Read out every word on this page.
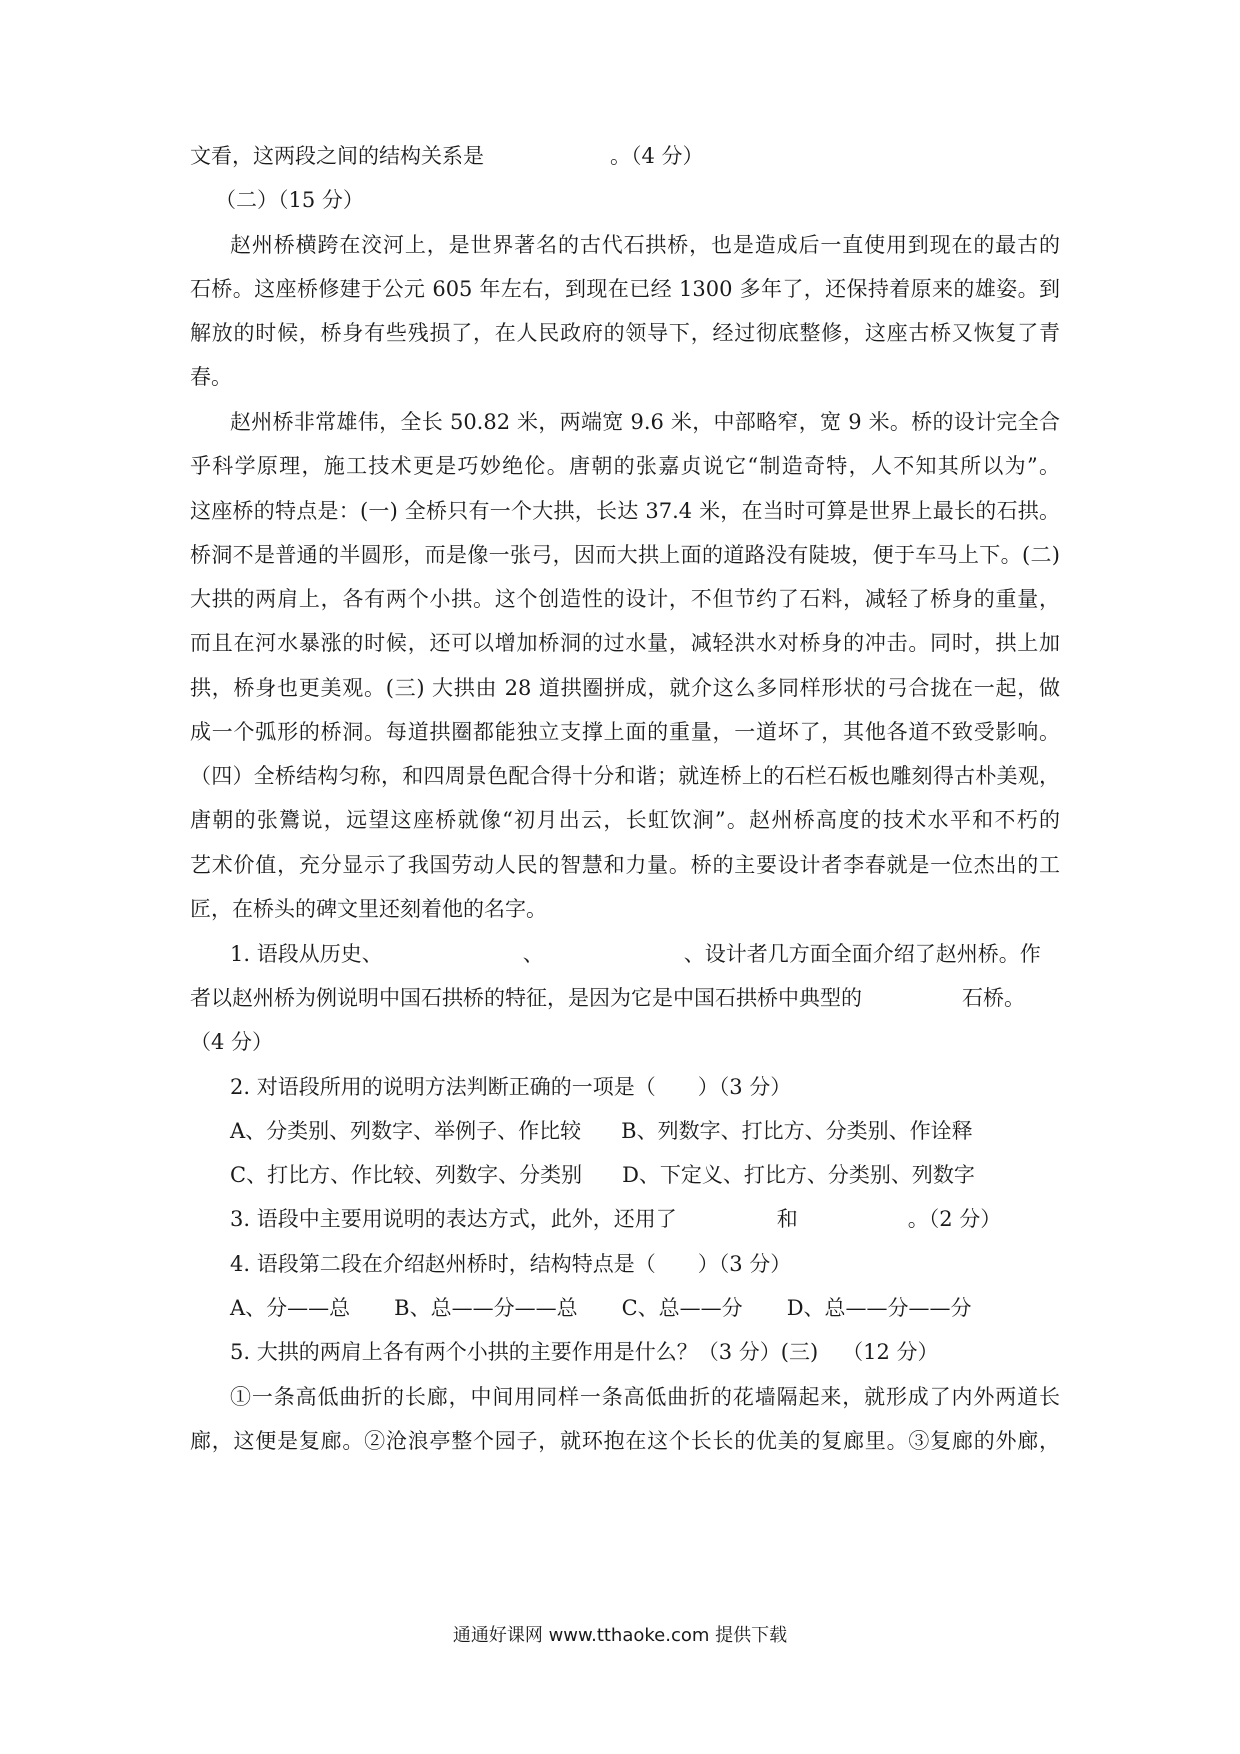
文看，这两段之间的结构关系是	。（4 分）
（二）（15 分）
赵州桥横跨在洨河上，是世界著名的古代石拱桥，也是造成后一直使用到现在的最古的
石桥。这座桥修建于公元 605 年左右，到现在已经 1300 多年了，还保持着原来的雄姿。到
解放的时候，桥身有些残损了，在人民政府的领导下，经过彻底整修，这座古桥又恢复了青
春。
赵州桥非常雄伟，全长 50.82 米，两端宽 9.6 米，中部略窄，宽 9 米。桥的设计完全合
乎科学原理，施工技术更是巧妙绝伦。唐朝的张嘉贞说它“制造奇特，人不知其所以为”。
这座桥的特点是：(一) 全桥只有一个大拱，长达 37.4 米，在当时可算是世界上最长的石拱。
桥洞不是普通的半圆形，而是像一张弓，因而大拱上面的道路没有陡坡，便于车马上下。(二)
大拱的两肩上，各有两个小拱。这个创造性的设计，不但节约了石料，减轻了桥身的重量，
而且在河水暴涨的时候，还可以增加桥洞的过水量，减轻洪水对桥身的冲击。同时，拱上加
拱，桥身也更美观。(三) 大拱由 28 道拱圈拼成，就介这么多同样形状的弓合拢在一起，做
成一个弧形的桥洞。每道拱圈都能独立支撑上面的重量，一道坏了，其他各道不致受影响。
（四）全桥结构匀称，和四周景色配合得十分和谐；就连桥上的石栏石板也雕刻得古朴美观，
唐朝的张鷟说，远望这座桥就像“初月出云，长虹饮涧”。赵州桥高度的技术水平和不朽的
艺术价值，充分显示了我国劳动人民的智慧和力量。桥的主要设计者李春就是一位杰出的工
匠，在桥头的碑文里还刻着他的名字。
1. 语段从历史、	、	、设计者几方面全面介绍了赵州桥。作
者以赵州桥为例说明中国石拱桥的特征，是因为它是中国石拱桥中典型的	石桥。
（4 分）
2. 对语段所用的说明方法判断正确的一项是（　　）（3 分）
A、分类别、列数字、举例子、作比较 B、列数字、打比方、分类别、作诠释
C、打比方、作比较、列数字、分类别 D、下定义、打比方、分类别、列数字
3. 语段中主要用说明的表达方式，此外，还用了	和	。（2 分）
4. 语段第二段在介绍赵州桥时，结构特点是（　　）（3 分）
A、分——总 B、总——分——总 C、总——分 D、总——分——分
5. 大拱的两肩上各有两个小拱的主要作用是什么？（3 分）(三) （12 分）
①一条高低曲折的长廊，中间用同样一条高低曲折的花墙隔起来，就形成了内外两道长
廊，这便是复廊。②沧浪亭整个园子，就环抱在这个长长的优美的复廊里。③复廊的外廊，
通通好课网 www.tthaoke.com 提供下载
